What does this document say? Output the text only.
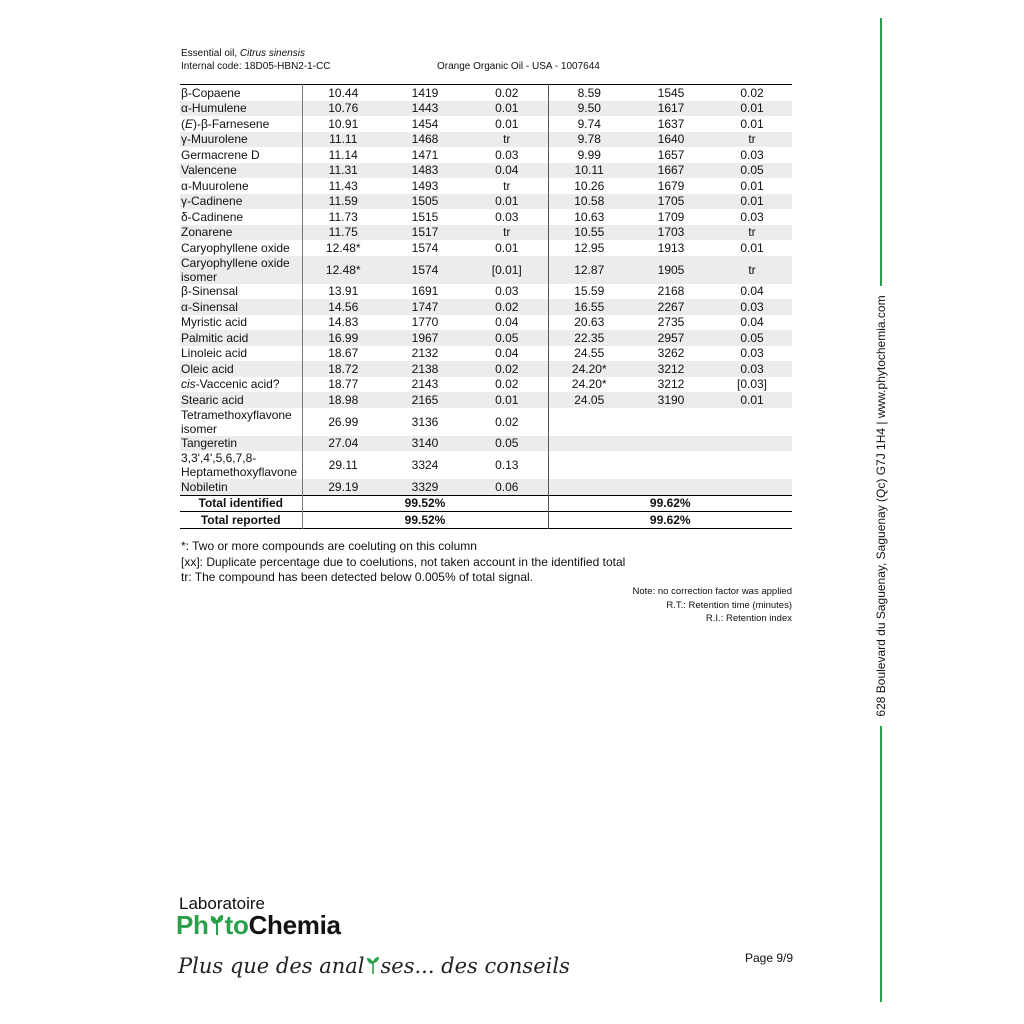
Essential oil, Citrus sinensis
Internal code: 18D05-HBN2-1-CC	Orange Organic Oil - USA - 1007644
β-Copaene	10.44	1419	0.02	8.59	1545	0.02
α-Humulene	10.76	1443	0.01	9.50	1617	0.01
(E)-β-Farnesene	10.91	1454	0.01	9.74	1637	0.01
γ-Muurolene	11.11	1468	tr	9.78	1640	tr
Germacrene D	11.14	1471	0.03	9.99	1657	0.03
Valencene	11.31	1483	0.04	10.11	1667	0.05
α-Muurolene	11.43	1493	tr	10.26	1679	0.01
γ-Cadinene	11.59	1505	0.01	10.58	1705	0.01
δ-Cadinene	11.73	1515	0.03	10.63	1709	0.03
Zonarene	11.75	1517	tr	10.55	1703	tr
Caryophyllene oxide	12.48*	1574	0.01	12.95	1913	0.01
Caryophyllene oxide isomer	12.48*	1574	[0.01]	12.87	1905	tr
β-Sinensal	13.91	1691	0.03	15.59	2168	0.04
α-Sinensal	14.56	1747	0.02	16.55	2267	0.03
Myristic acid	14.83	1770	0.04	20.63	2735	0.04
Palmitic acid	16.99	1967	0.05	22.35	2957	0.05
Linoleic acid	18.67	2132	0.04	24.55	3262	0.03
Oleic acid	18.72	2138	0.02	24.20*	3212	0.03
cis-Vaccenic acid?	18.77	2143	0.02	24.20*	3212	[0.03]
Stearic acid	18.98	2165	0.01	24.05	3190	0.01
Tetramethoxyflavone isomer	26.99	3136	0.02			
Tangeretin	27.04	3140	0.05			
3,3',4',5,6,7,8-Heptamethoxyflavone	29.11	3324	0.13			
Nobiletin	29.19	3329	0.06			
Total identified	99.52%			99.62%		
Total reported	99.52%			99.62%		
*: Two or more compounds are coeluting on this column
[xx]: Duplicate percentage due to coelutions, not taken account in the identified total
tr: The compound has been detected below 0.005% of total signal.
Note: no correction factor was applied
R.T.: Retention time (minutes)
R.I.: Retention index	628 Boulevard du Saguenay, Saguenay (Qc) G7J 1H4 | www.phytochemia.com
Laboratoire
Ph toChemia
Plus que des anal ses... des conseils	Page 9/9
